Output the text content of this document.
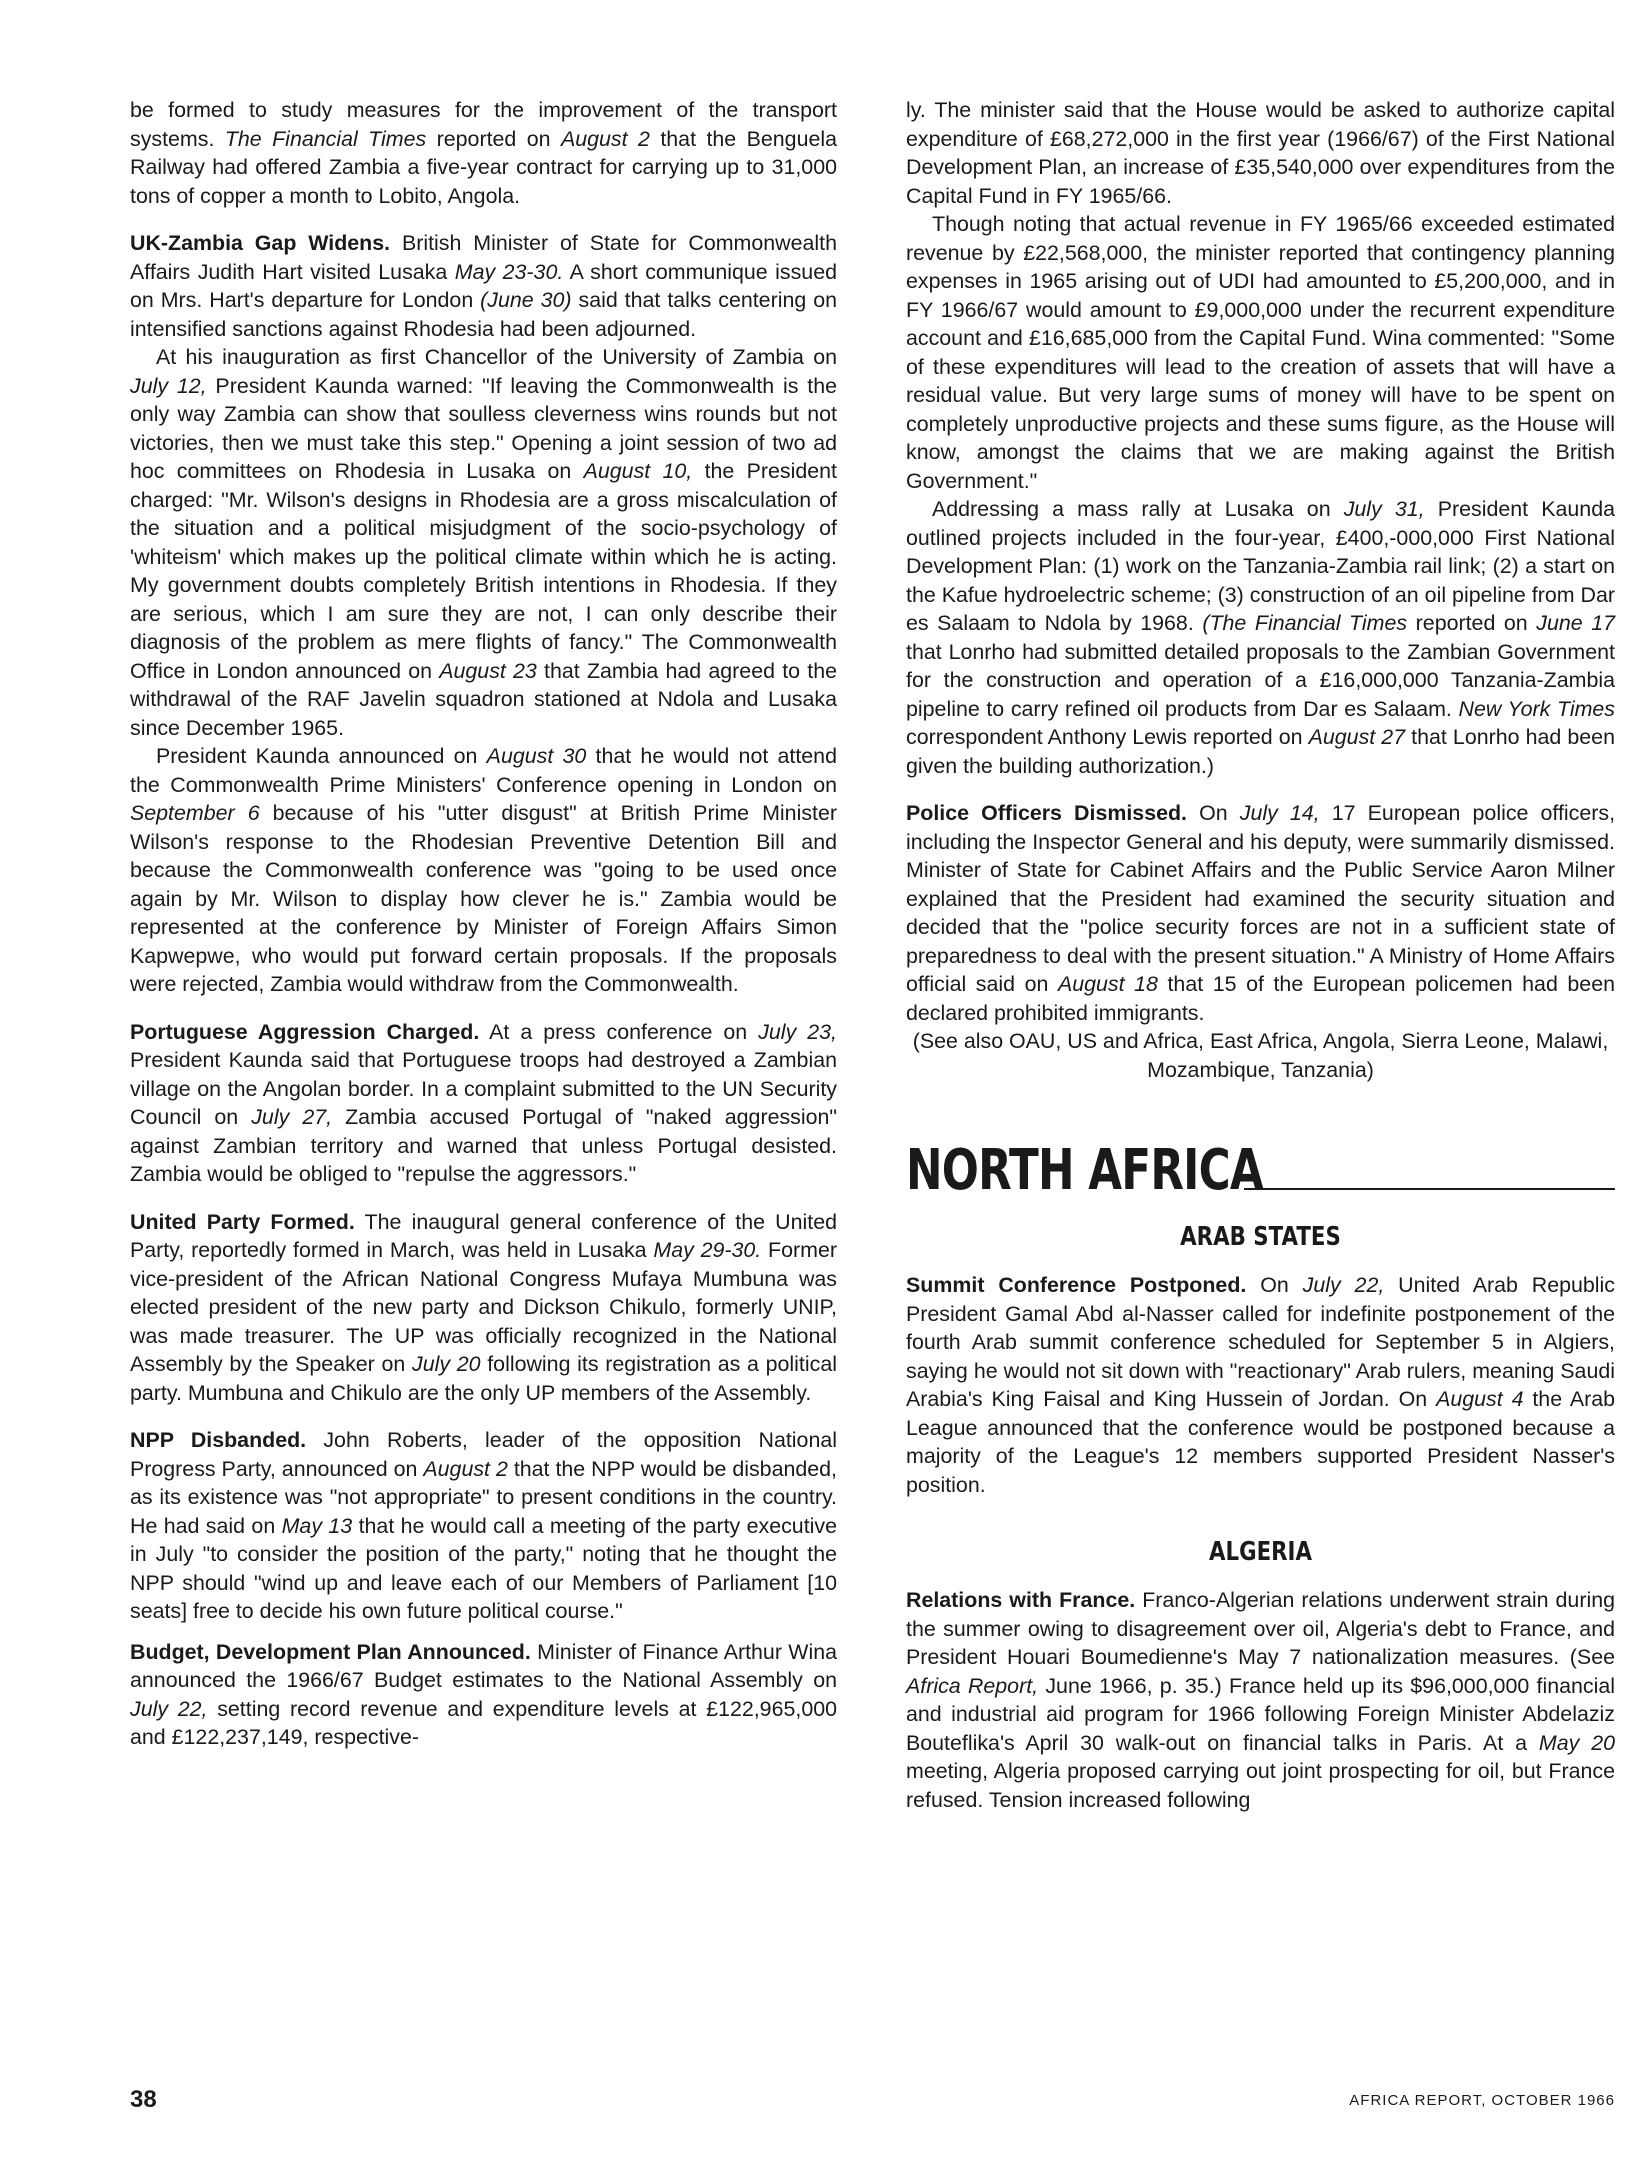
be formed to study measures for the improvement of the transport systems. The Financial Times reported on August 2 that the Benguela Railway had offered Zambia a five-year contract for carrying up to 31,000 tons of copper a month to Lobito, Angola.

UK-Zambia Gap Widens. British Minister of State for Commonwealth Affairs Judith Hart visited Lusaka May 23-30. A short communique issued on Mrs. Hart's departure for London (June 30) said that talks centering on intensified sanctions against Rhodesia had been adjourned.

At his inauguration as first Chancellor of the University of Zambia on July 12, President Kaunda warned: "If leaving the Commonwealth is the only way Zambia can show that soulless cleverness wins rounds but not victories, then we must take this step." Opening a joint session of two ad hoc committees on Rhodesia in Lusaka on August 10, the President charged: "Mr. Wilson's designs in Rhodesia are a gross miscalculation of the situation and a political misjudgment of the socio-psychology of 'whiteism' which makes up the political climate within which he is acting. My government doubts completely British intentions in Rhodesia. If they are serious, which I am sure they are not, I can only describe their diagnosis of the problem as mere flights of fancy." The Commonwealth Office in London announced on August 23 that Zambia had agreed to the withdrawal of the RAF Javelin squadron stationed at Ndola and Lusaka since December 1965.

President Kaunda announced on August 30 that he would not attend the Commonwealth Prime Ministers' Conference opening in London on September 6 because of his "utter disgust" at British Prime Minister Wilson's response to the Rhodesian Preventive Detention Bill and because the Commonwealth conference was "going to be used once again by Mr. Wilson to display how clever he is." Zambia would be represented at the conference by Minister of Foreign Affairs Simon Kapwepwe, who would put forward certain proposals. If the proposals were rejected, Zambia would withdraw from the Commonwealth.

Portuguese Aggression Charged. At a press conference on July 23, President Kaunda said that Portuguese troops had destroyed a Zambian village on the Angolan border. In a complaint submitted to the UN Security Council on July 27, Zambia accused Portugal of "naked aggression" against Zambian territory and warned that unless Portugal desisted. Zambia would be obliged to "repulse the aggressors."

United Party Formed. The inaugural general conference of the United Party, reportedly formed in March, was held in Lusaka May 29-30. Former vice-president of the African National Congress Mufaya Mumbuna was elected president of the new party and Dickson Chikulo, formerly UNIP, was made treasurer. The UP was officially recognized in the National Assembly by the Speaker on July 20 following its registration as a political party. Mumbuna and Chikulo are the only UP members of the Assembly.

NPP Disbanded. John Roberts, leader of the opposition National Progress Party, announced on August 2 that the NPP would be disbanded, as its existence was "not appropriate" to present conditions in the country. He had said on May 13 that he would call a meeting of the party executive in July "to consider the position of the party," noting that he thought the NPP should "wind up and leave each of our Members of Parliament [10 seats] free to decide his own future political course."

Budget, Development Plan Announced. Minister of Finance Arthur Wina announced the 1966/67 Budget estimates to the National Assembly on July 22, setting record revenue and expenditure levels at £122,965,000 and £122,237,149, respective-

ly. The minister said that the House would be asked to authorize capital expenditure of £68,272,000 in the first year (1966/67) of the First National Development Plan, an increase of £35,540,000 over expenditures from the Capital Fund in FY 1965/66.

Though noting that actual revenue in FY 1965/66 exceeded estimated revenue by £22,568,000, the minister reported that contingency planning expenses in 1965 arising out of UDI had amounted to £5,200,000, and in FY 1966/67 would amount to £9,000,000 under the recurrent expenditure account and £16,685,000 from the Capital Fund. Wina commented: "Some of these expenditures will lead to the creation of assets that will have a residual value. But very large sums of money will have to be spent on completely unproductive projects and these sums figure, as the House will know, amongst the claims that we are making against the British Government."

Addressing a mass rally at Lusaka on July 31, President Kaunda outlined projects included in the four-year, £400,-000,000 First National Development Plan: (1) work on the Tanzania-Zambia rail link; (2) a start on the Kafue hydroelectric scheme; (3) construction of an oil pipeline from Dar es Salaam to Ndola by 1968. (The Financial Times reported on June 17 that Lonrho had submitted detailed proposals to the Zambian Government for the construction and operation of a £16,000,000 Tanzania-Zambia pipeline to carry refined oil products from Dar es Salaam. New York Times correspondent Anthony Lewis reported on August 27 that Lonrho had been given the building authorization.)

Police Officers Dismissed. On July 14, 17 European police officers, including the Inspector General and his deputy, were summarily dismissed. Minister of State for Cabinet Affairs and the Public Service Aaron Milner explained that the President had examined the security situation and decided that the "police security forces are not in a sufficient state of preparedness to deal with the present situation." A Ministry of Home Affairs official said on August 18 that 15 of the European policemen had been declared prohibited immigrants.

(See also OAU, US and Africa, East Africa, Angola, Sierra Leone, Malawi, Mozambique, Tanzania)

NORTH AFRICA
ARAB STATES

Summit Conference Postponed. On July 22, United Arab Republic President Gamal Abd al-Nasser called for indefinite postponement of the fourth Arab summit conference scheduled for September 5 in Algiers, saying he would not sit down with "reactionary" Arab rulers, meaning Saudi Arabia's King Faisal and King Hussein of Jordan. On August 4 the Arab League announced that the conference would be postponed because a majority of the League's 12 members supported President Nasser's position.

ALGERIA

Relations with France. Franco-Algerian relations underwent strain during the summer owing to disagreement over oil, Algeria's debt to France, and President Houari Boumedienne's May 7 nationalization measures. (See Africa Report, June 1966, p. 35.) France held up its $96,000,000 financial and industrial aid program for 1966 following Foreign Minister Abdelaziz Bouteflika's April 30 walk-out on financial talks in Paris. At a May 20 meeting, Algeria proposed carrying out joint prospecting for oil, but France refused. Tension increased following

38	AFRICA REPORT, OCTOBER 1966
